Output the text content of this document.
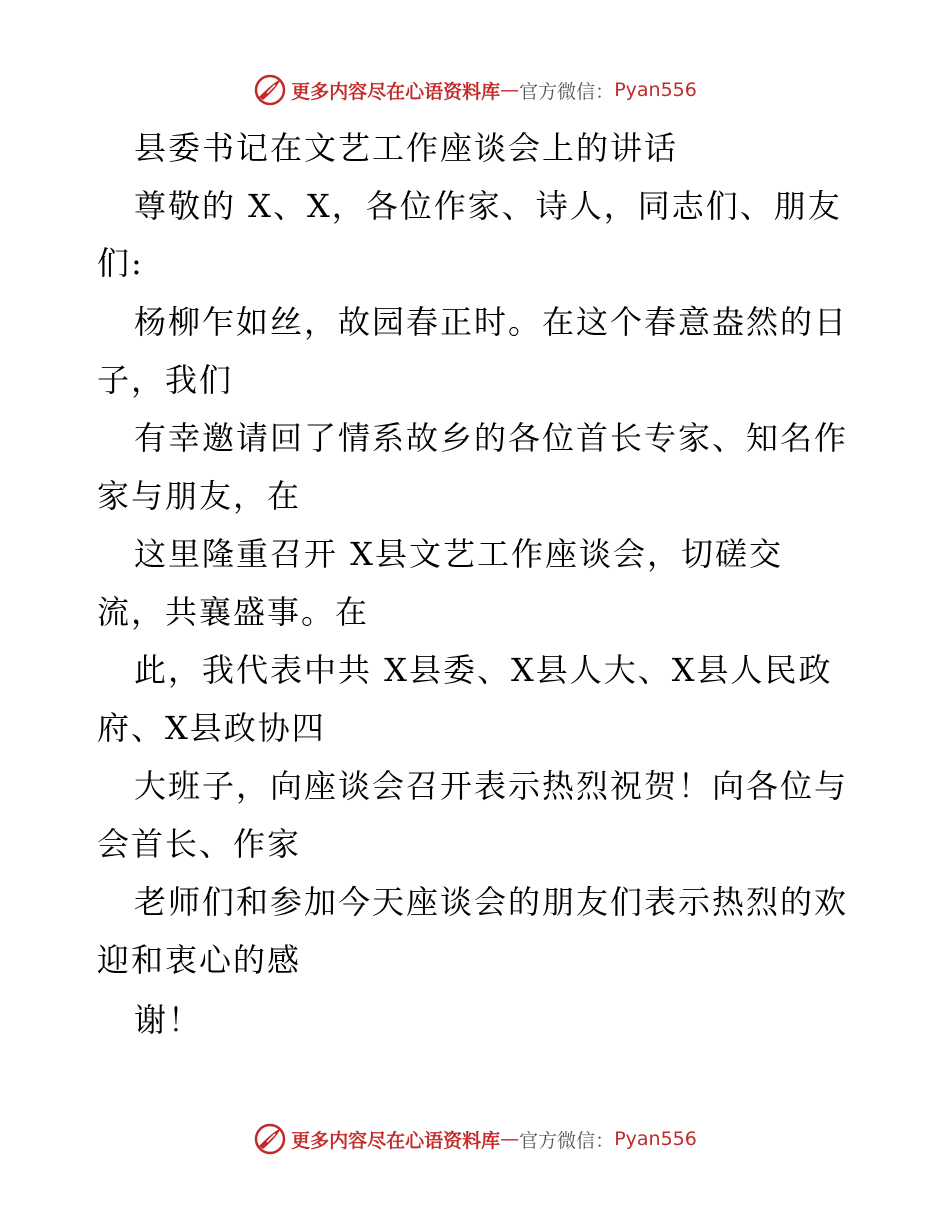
更多内容尽在心语资料库 — 官方微信： Pyan556
县委书记在文艺工作座谈会上的讲话
尊敬的 X、X，各位作家、诗人，同志们、朋友
们:
杨柳乍如丝，故园春正时。在这个春意盎然的日
子，我们
有幸邀请回了情系故乡的各位首长专家、知名作
家与朋友，在
这里隆重召开 X县文艺工作座谈会，切磋交
流，共襄盛事。在
此，我代表中共 X县委、X县人大、X县人民政
府、X县政协四
大班子，向座谈会召开表示热烈祝贺！向各位与
会首长、作家
老师们和参加今天座谈会的朋友们表示热烈的欢
迎和衷心的感
谢！
更多内容尽在心语资料库 — 官方微信： Pyan556
